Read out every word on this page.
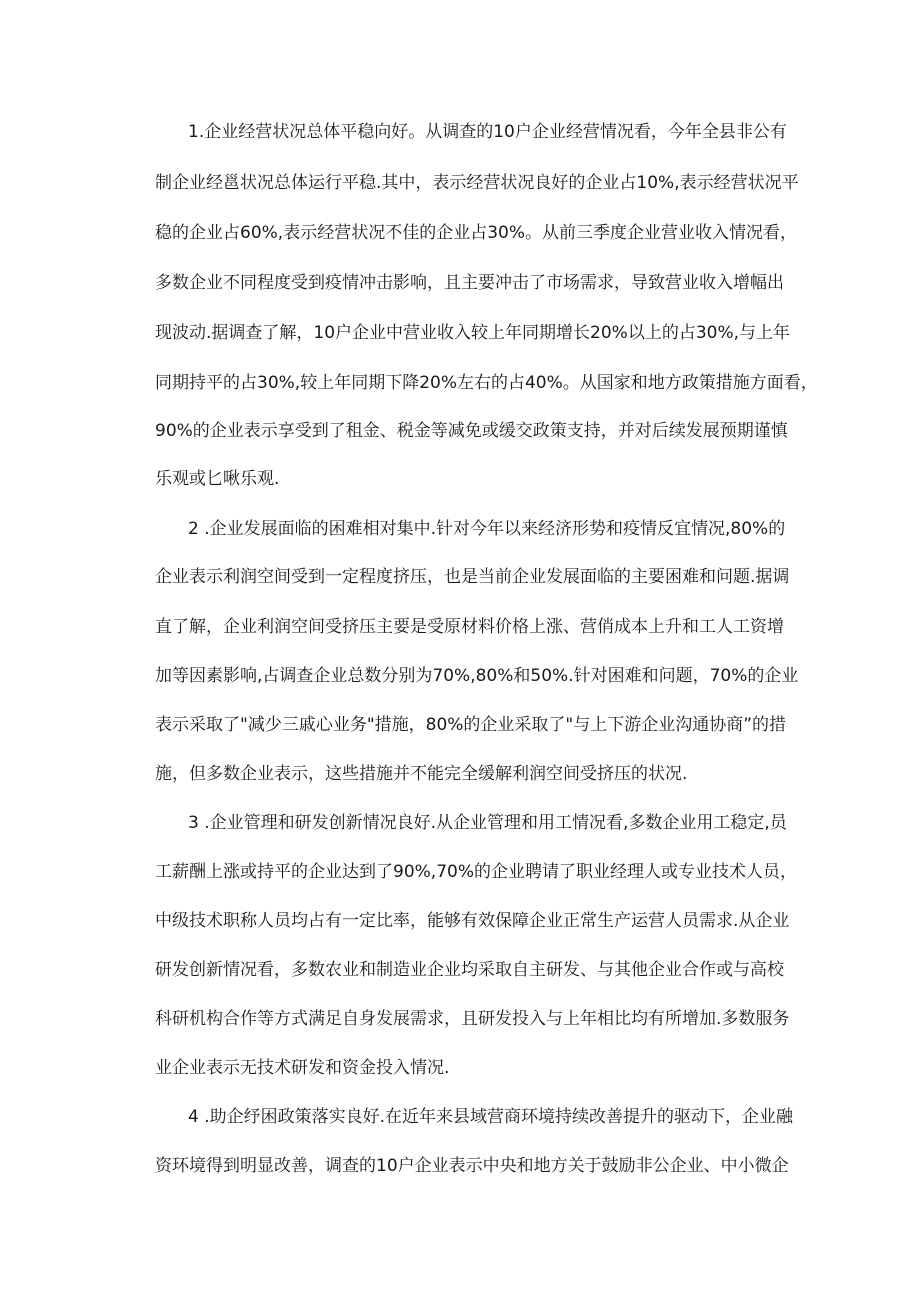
1.企业经营状况总体平稳向好。从调查的10户企业经营情况看，今年全县非公有
制企业经邕状况总体运行平稳.其中，表示经营状况良好的企业占10%,表示经营状况平
稳的企业占60%,表示经营状况不佳的企业占30%。从前三季度企业营业收入情况看，
多数企业不同程度受到疫情冲击影响，且主要冲击了市场需求，导致营业收入增幅出
现波动.据调查了解，10户企业中营业收入较上年同期增长20%以上的占30%,与上年
同期持平的占30%,较上年同期下降20%左右的占40%。从国家和地方政策措施方面看，
90%的企业表示享受到了租金、税金等减免或缓交政策支持，并对后续发展预期谨慎
乐观或匕啾乐观.
2 .企业发展面临的困难相对集中.针对今年以来经济形势和疫情反宜情况,80%的
企业表示利润空间受到一定程度挤压，也是当前企业发展面临的主要困难和问题.据调
直了解，企业利润空间受挤压主要是受原材料价格上涨、营俏成本上升和工人工资增
加等因素影响,占调查企业总数分别为70%,80%和50%.针对困难和问题，70%的企业
表示采取了"减少三戚心业务"措施，80%的企业采取了"与上下游企业沟通协商”的措
施，但多数企业表示，这些措施并不能完全缓解利润空间受挤压的状况.
3 .企业管理和研发创新情况良好.从企业管理和用工情况看,多数企业用工稳定,员
工薪酬上涨或持平的企业达到了90%,70%的企业聘请了职业经理人或专业技术人员，
中级技术职称人员均占有一定比率，能够有效保障企业正常生产运营人员需求.从企业
研发创新情况看，多数农业和制造业企业均采取自主研发、与其他企业合作或与高校
科研机构合作等方式满足自身发展需求，且研发投入与上年相比均有所增加.多数服务
业企业表示无技术研发和资金投入情况.
4 .助企纾困政策落实良好.在近年来县域营商环境持续改善提升的驱动下，企业融
资环境得到明显改善，调查的10户企业表示中央和地方关于鼓励非公企业、中小微企
